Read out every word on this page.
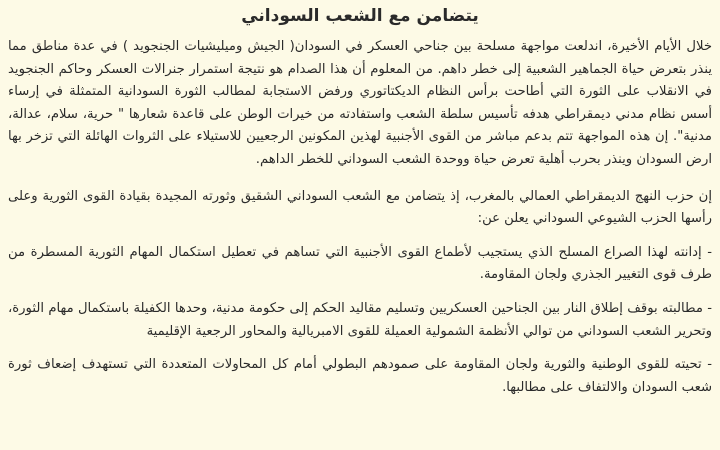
يتضامن مع الشعب السوداني

خلال الأيام الأخيرة، اندلعت مواجهة مسلحة بين جناحي العسكر في السودان( الجيش وميليشيات الجنجويد ) في عدة مناطق مما ينذر بتعرض حياة الجماهير الشعبية إلى خطر داهم. من المعلوم أن هذا الصدام هو نتيجة استمرار جنرالات العسكر وحاكم الجنجويد في الانقلاب على الثورة التي أطاحت برأس النظام الديكتاتوري ورفض الاستجابة لمطالب الثورة السودانية المتمثلة في إرساء أسس نظام مدني ديمقراطي هدفه تأسيس سلطة الشعب واستفادته من خيرات الوطن على قاعدة شعارها " حرية، سلام، عدالة، مدنية". إن هذه المواجهة تتم بدعم مباشر من القوى الأجنبية لهذين المكونين الرجعيين للاستيلاء على الثروات الهائلة التي تزخر بها ارض السودان وينذر بحرب أهلية تعرض حياة ووحدة الشعب السوداني للخطر الداهم.

إن حزب النهج الديمقراطي العمالي بالمغرب، إذ يتضامن مع الشعب السوداني الشقيق وثورته المجيدة بقيادة القوى الثورية وعلى رأسها الحزب الشيوعي السوداني يعلن عن:

- إدانته لهذا الصراع المسلح الذي يستجيب لأطماع القوى الأجنبية التي تساهم في تعطيل استكمال المهام الثورية المسطرة من طرف قوى التغيير الجذري ولجان المقاومة.

- مطالبته بوقف إطلاق النار بين الجناحين العسكريين وتسليم مقاليد الحكم إلى حكومة مدنية، وحدها الكفيلة باستكمال مهام الثورة، وتحرير الشعب السوداني من توالي الأنظمة الشمولية العميلة للقوى الامبريالية والمحاور الرجعية الإقليمية

- تحيته للقوى الوطنية والثورية ولجان المقاومة على صمودهم البطولي أمام كل المحاولات المتعددة التي تستهدف إضعاف ثورة شعب السودان والالتفاف على مطالبها.
